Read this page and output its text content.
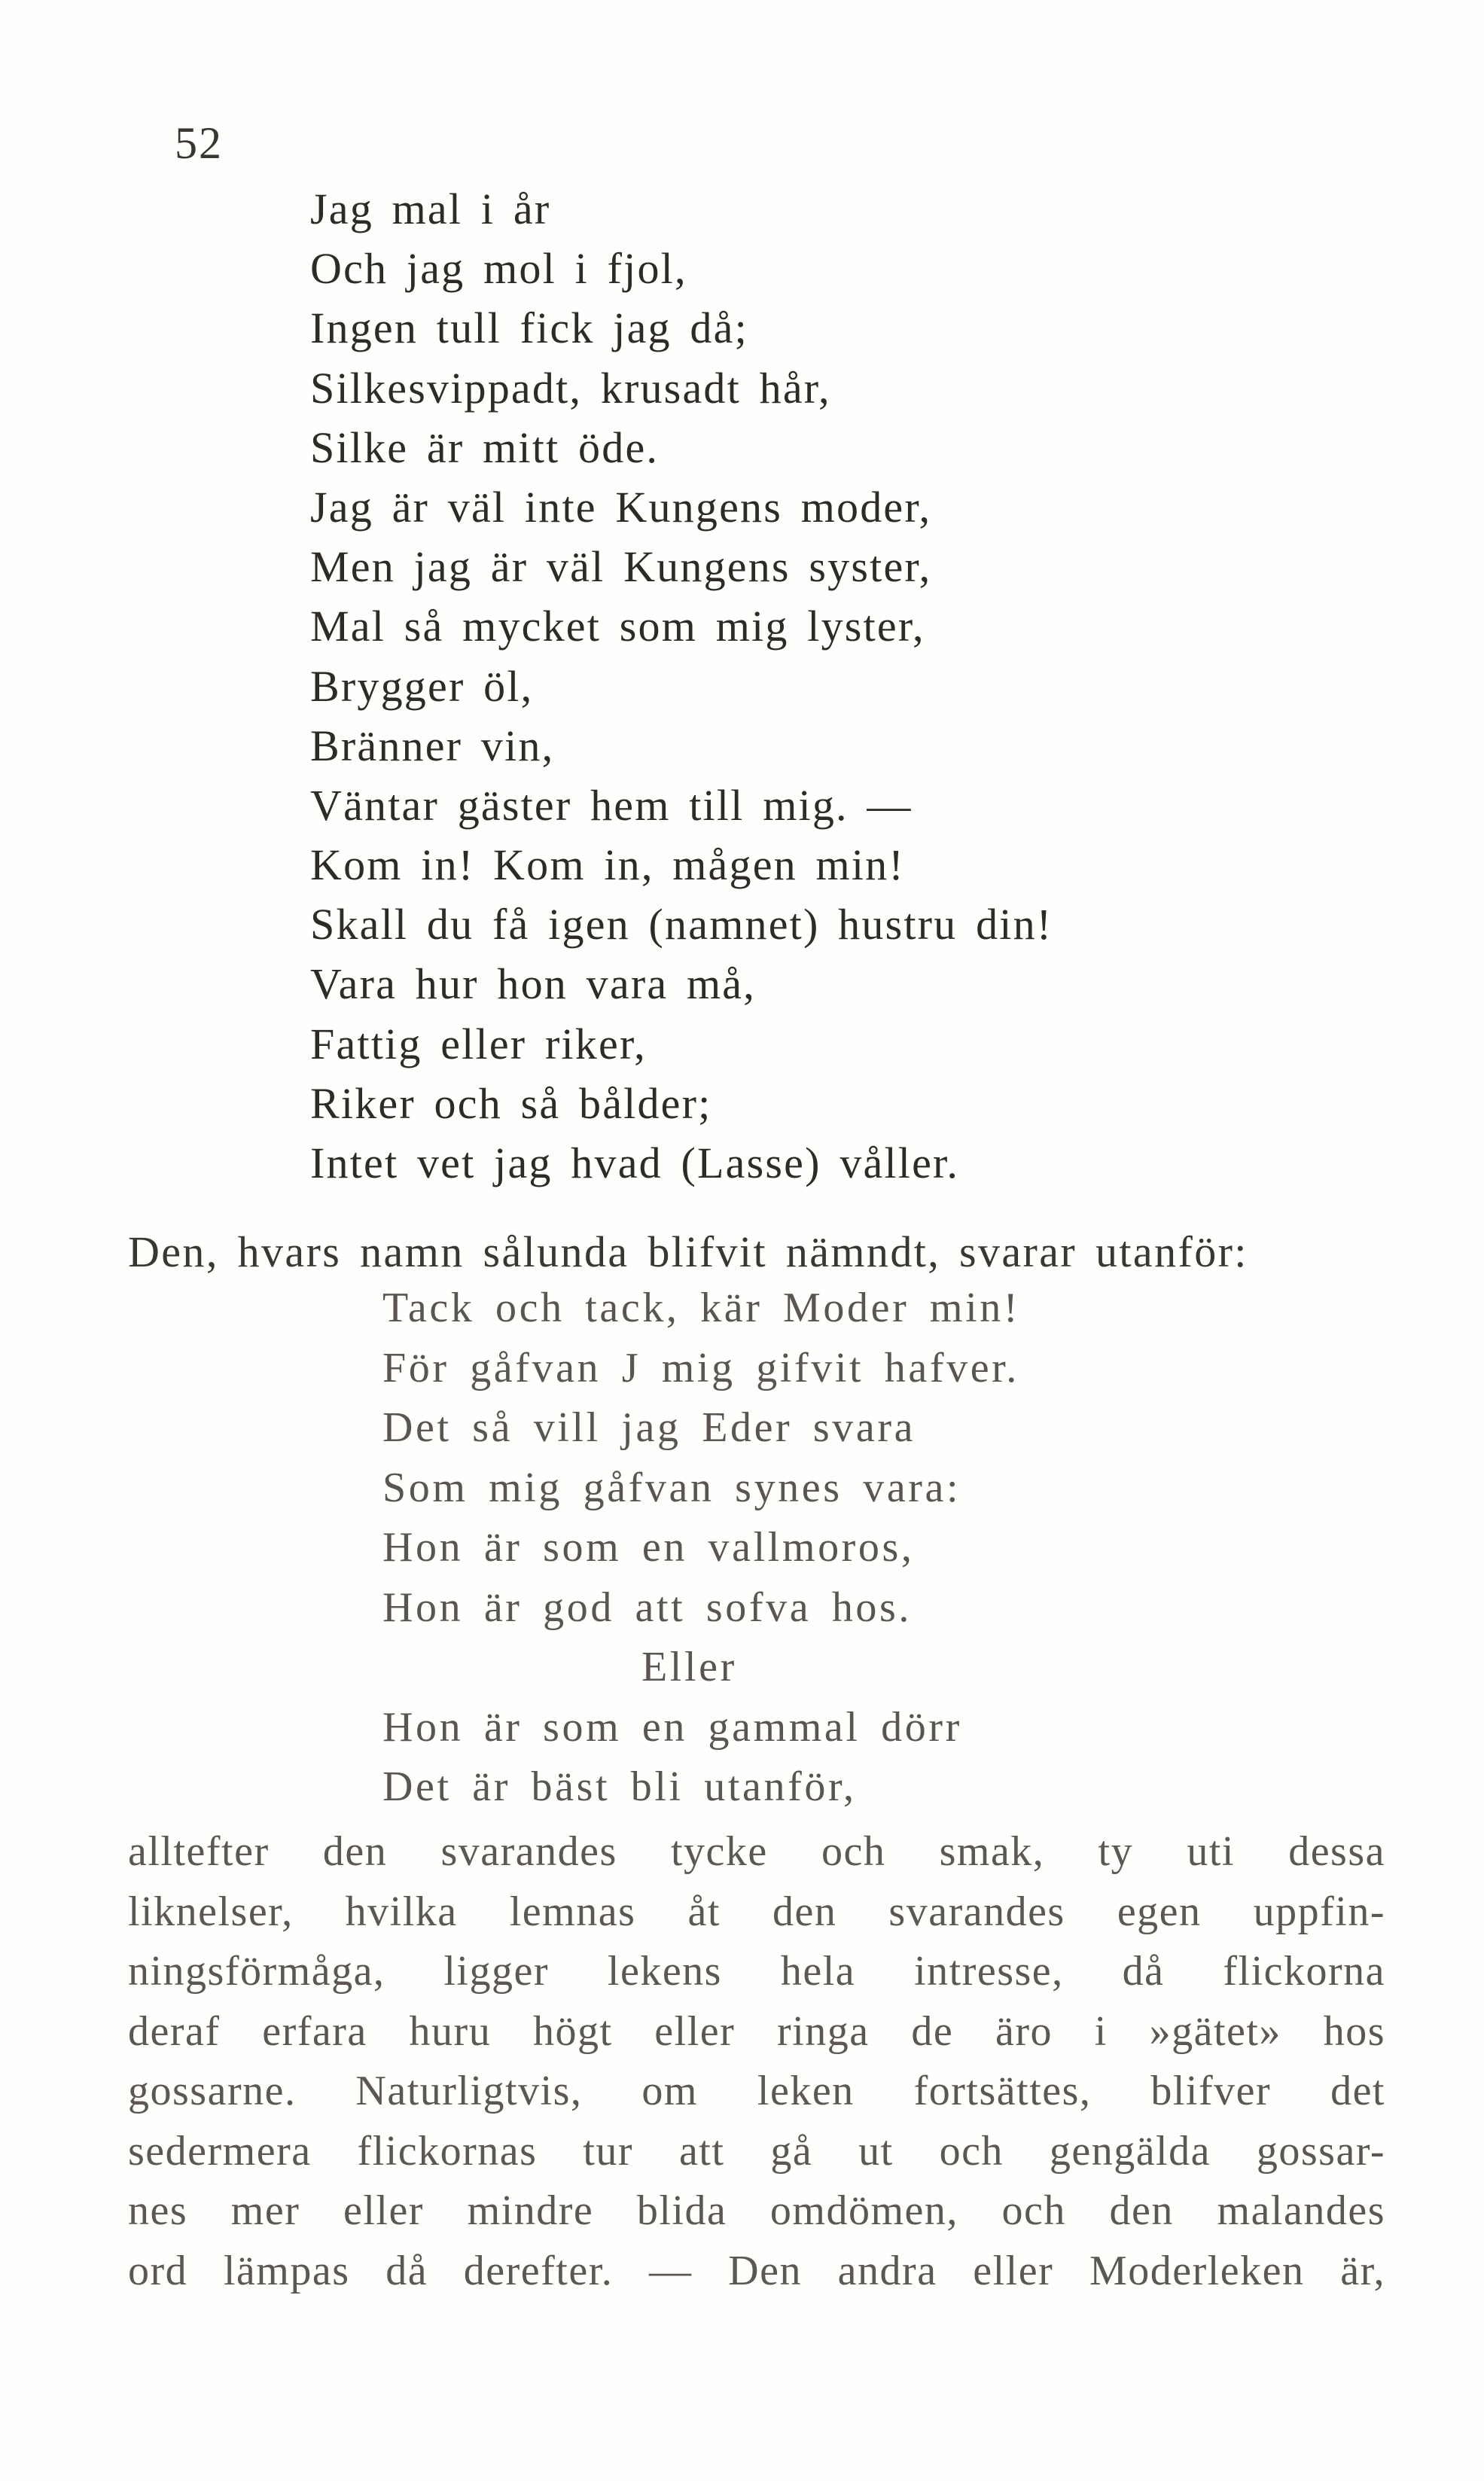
52
Jag mal i år
Och jag mol i fjol,
Ingen tull fick jag då;
Silkesvippadt, krusadt hår,
Silke är mitt öde.
Jag är väl inte Kungens moder,
Men jag är väl Kungens syster,
Mal så mycket som mig lyster,
Brygger öl,
Bränner vin,
Väntar gäster hem till mig. —
Kom in! Kom in, mågen min!
Skall du få igen (namnet) hustru din!
Vara hur hon vara må,
Fattig eller riker,
Riker och så bålder;
Intet vet jag hvad (Lasse) våller.

Den, hvars namn sålunda blifvit nämndt, svarar utanför:

Tack och tack, kär Moder min!
För gåfvan J mig gifvit hafver.
Det så vill jag Eder svara
Som mig gåfvan synes vara:
Hon är som en vallmoros,
Hon är god att sofva hos.
Eller
Hon är som en gammal dörr
Det är bäst bli utanför,
alltefter den svarandes tycke och smak, ty uti dessa
liknelser, hvilka lemnas åt den svarandes egen uppfin-
ningsförmåga, ligger lekens hela intresse, då flickorna
deraf erfara huru högt eller ringa de äro i »gätet» hos
gossarne. Naturligtvis, om leken fortsättes, blifver det
sedermera flickornas tur att gå ut och gengälda gossar-
nes mer eller mindre blida omdömen, och den malandes
ord lämpas då derefter. — Den andra eller Moderleken är,
